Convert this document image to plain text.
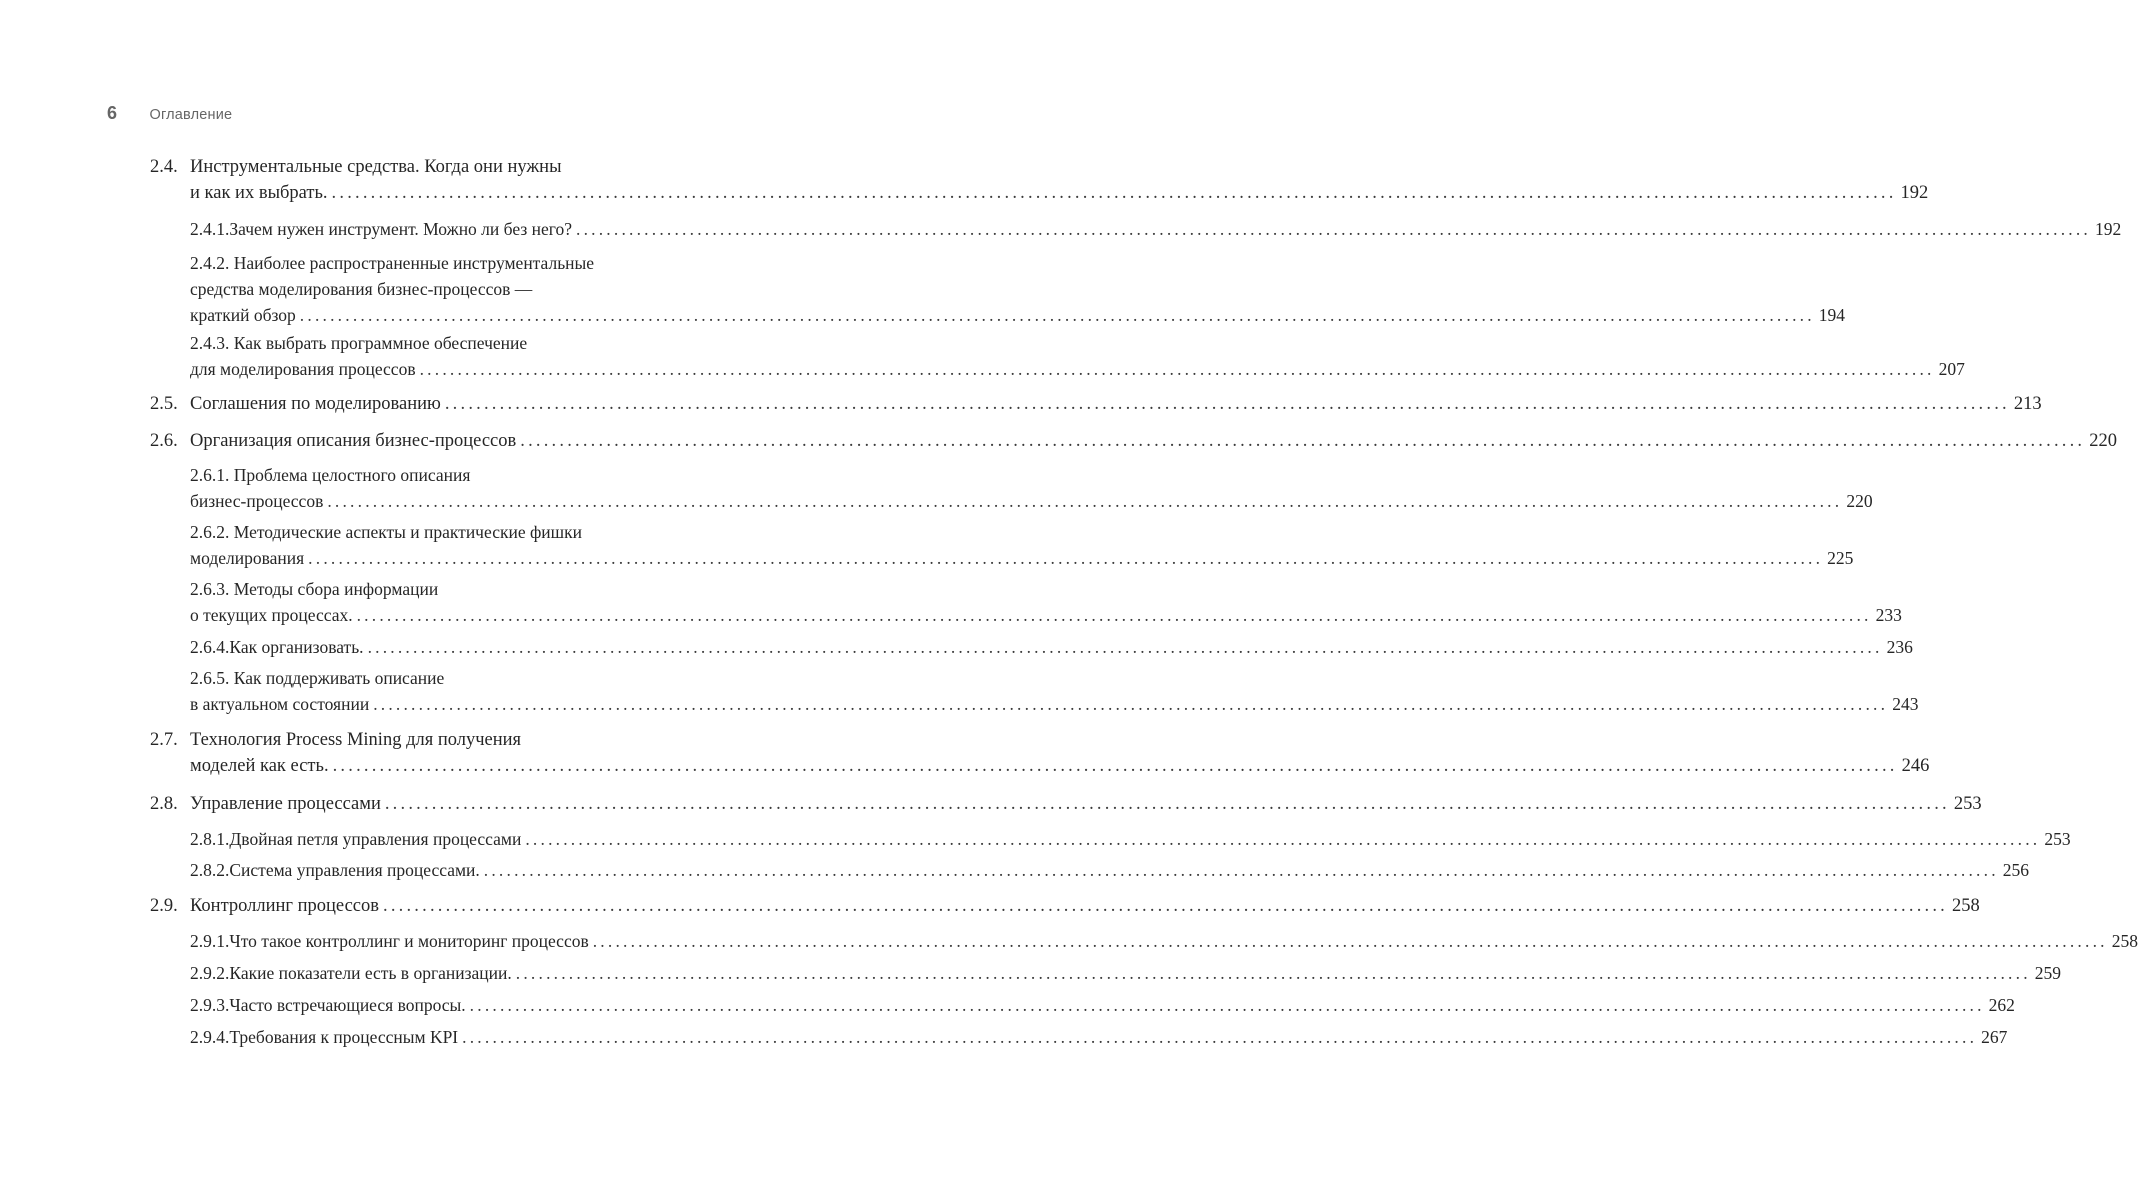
6 Оглавление
2.4. Инструментальные средства. Когда они нужны
и как их выбрать. ........................................................................................................................................................................................................ 192
2.4.1. Зачем нужен инструмент. Можно ли без него? ........................................................................................................................................................................................................ 192
2.4.2. Наиболее распространенные инструментальные
средства моделирования бизнес-процессов —
краткий обзор ........................................................................................................................................................................................................ 194
2.4.3. Как выбрать программное обеспечение
для моделирования процессов ........................................................................................................................................................................................................ 207
2.5. Соглашения по моделированию ........................................................................................................................................................................................................ 213
2.6. Организация описания бизнес-процессов ........................................................................................................................................................................................................ 220
2.6.1. Проблема целостного описания
бизнес-процессов ........................................................................................................................................................................................................ 220
2.6.2. Методические аспекты и практические фишки
моделирования ........................................................................................................................................................................................................ 225
2.6.3. Методы сбора информации
о текущих процессах. ........................................................................................................................................................................................................ 233
2.6.4. Как организовать. ........................................................................................................................................................................................................ 236
2.6.5. Как поддерживать описание
в актуальном состоянии ........................................................................................................................................................................................................ 243
2.7. Технология Process Mining для получения
моделей как есть. ........................................................................................................................................................................................................ 246
2.8. Управление процессами ........................................................................................................................................................................................................ 253
2.8.1. Двойная петля управления процессами ........................................................................................................................................................................................................ 253
2.8.2. Система управления процессами. ........................................................................................................................................................................................................ 256
2.9. Контроллинг процессов ........................................................................................................................................................................................................ 258
2.9.1. Что такое контроллинг и мониторинг процессов ........................................................................................................................................................................................................ 258
2.9.2. Какие показатели есть в организации. ........................................................................................................................................................................................................ 259
2.9.3. Часто встречающиеся вопросы. ........................................................................................................................................................................................................ 262
2.9.4. Требования к процессным KPI ........................................................................................................................................................................................................ 267
